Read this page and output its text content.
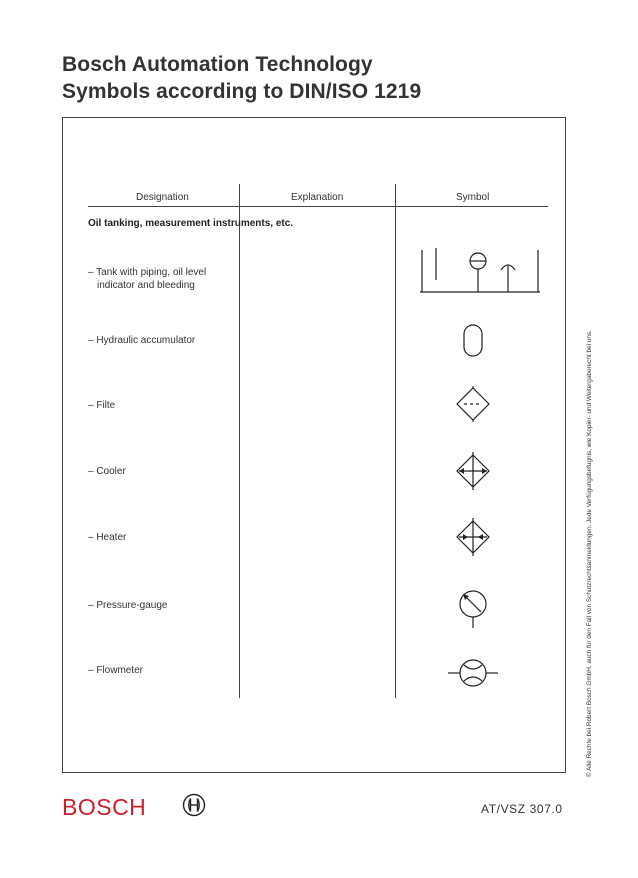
Bosch Automation Technology
Symbols according to DIN/ISO 1219
Designation	Explanation	Symbol
Oil tanking, measurement instruments, etc.
– Tank with piping, oil level
indicator and bleeding
– Hydraulic accumulator
– Filte
– Cooler
– Heater
– Pressure-gauge
– Flowmeter	© Alle Rechte bei Robert Bosch GmbH, auch für den Fall von Schutzrechtsanmeldungen. Jede Verfügungsbefugnis, wie Kopier- und Weitergaberecht bei uns.
BOSCH	AT/VSZ 307.0
